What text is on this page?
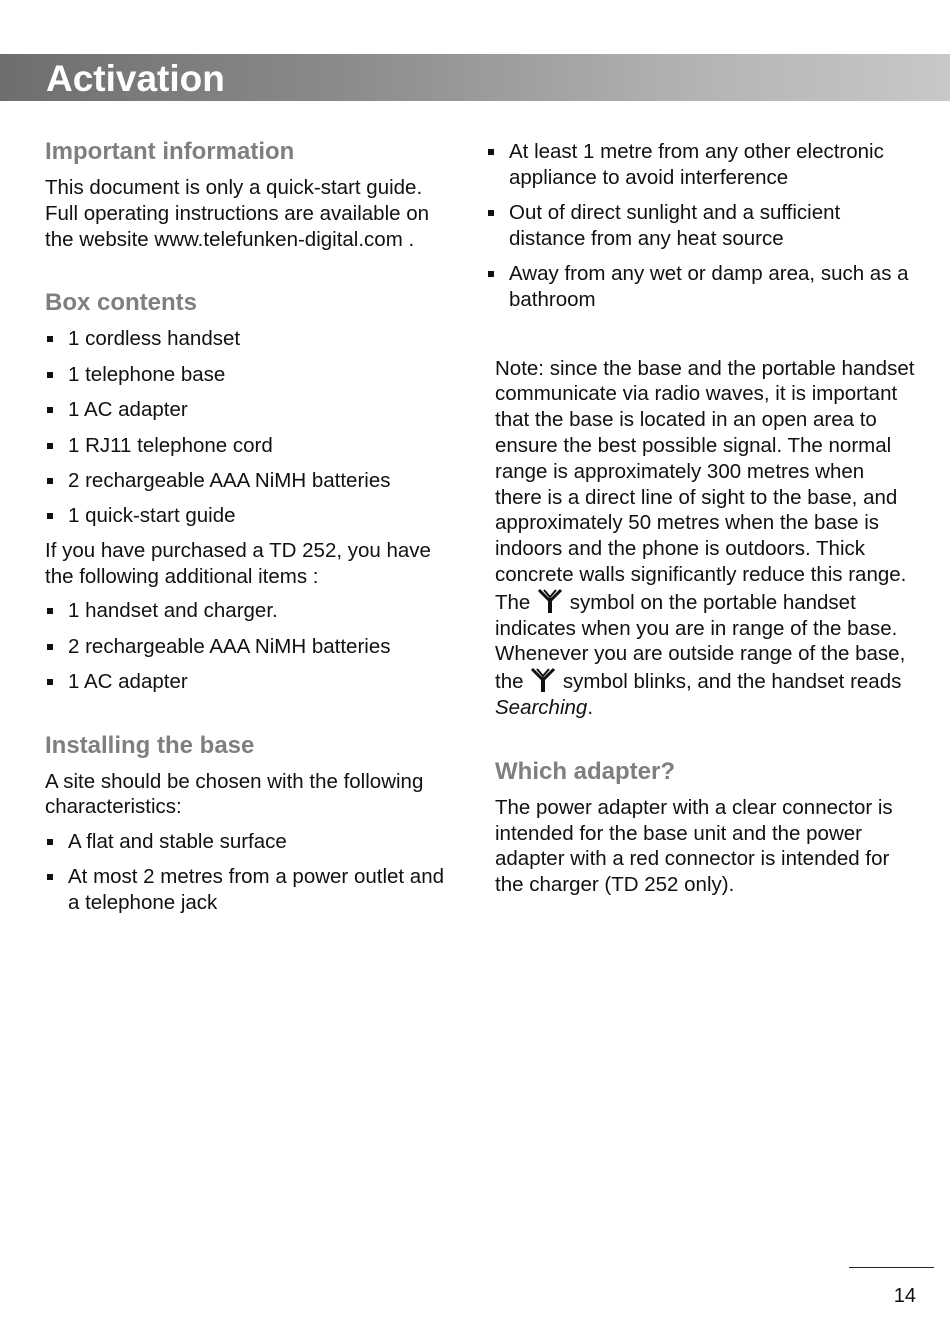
Activation
Important information

This document is only a quick-start guide. Full operating instructions are available on the website www.telefunken-digital.com .

Box contents
1 cordless handset
1 telephone base
1 AC adapter
1 RJ11 telephone cord
2 rechargeable AAA NiMH batteries
1 quick-start guide

If you have purchased a TD 252, you have the following additional items :

1 handset and charger.
2 rechargeable AAA NiMH batteries
1 AC adapter
Installing the base

A site should be chosen with the following characteristics:

A flat and stable surface
At most 2 metres from a power outlet and a telephone jack
At least 1 metre from any other electronic appliance to avoid interference
Out of direct sunlight and a sufficient distance from any heat source
Away from any wet or damp area, such as a bathroom

Note: since the base and the portable handset communicate via radio waves, it is important that the base is located in an open area to ensure the best possible signal. The normal range is approximately 300 metres when there is a direct line of sight to the base, and approximately 50 metres when the base is indoors and the phone is outdoors. Thick concrete walls significantly reduce this range. The symbol on the portable handset indicates when you are in range of the base. Whenever you are outside range of the base, the symbol blinks, and the handset reads Searching.

Which adapter?

The power adapter with a clear connector is intended for the base unit and the power adapter with a red connector is intended for the charger (TD 252 only).

14
